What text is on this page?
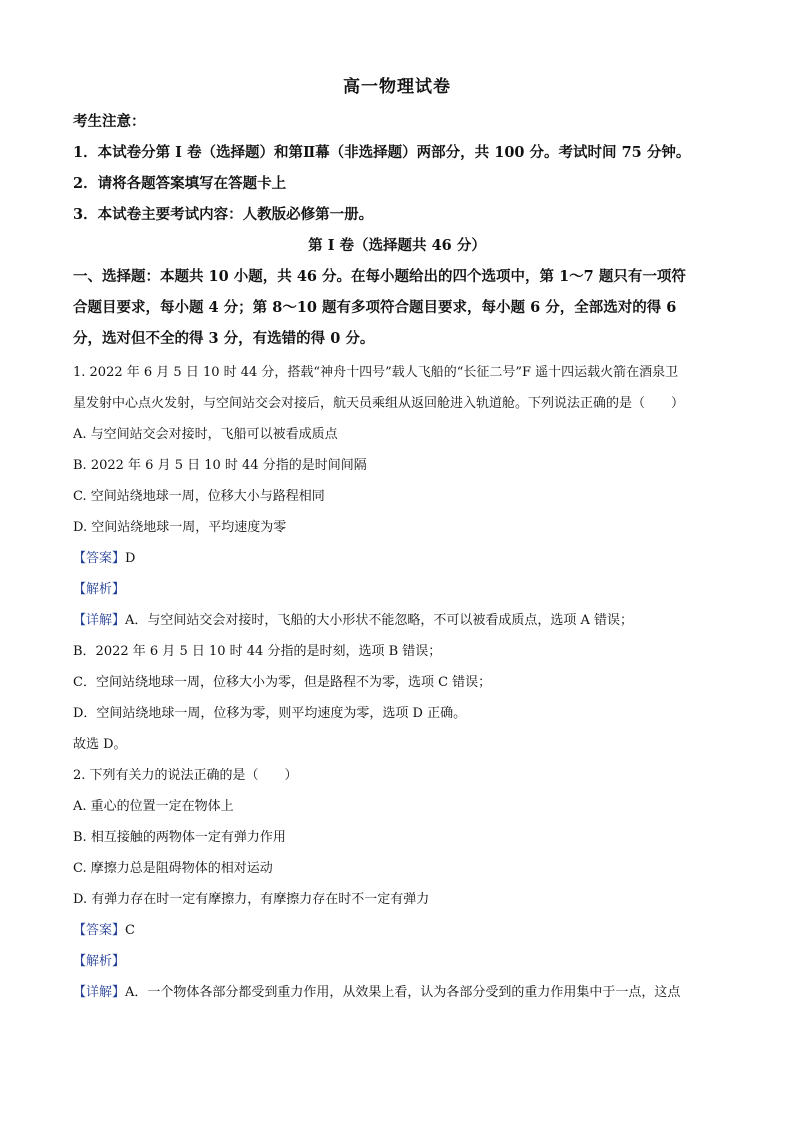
高一物理试卷
考生注意：
1．本试卷分第 I 卷（选择题）和第Ⅱ幕（非选择题）两部分，共 100 分。考试时间 75 分钟。
2．请将各题答案填写在答题卡上
3．本试卷主要考试内容：人教版必修第一册。
第 I 卷（选择题共 46 分）
一、选择题：本题共 10 小题，共 46 分。在每小题给出的四个选项中，第 1～7 题只有一项符
合题目要求，每小题 4 分；第 8～10 题有多项符合题目要求，每小题 6 分，全部选对的得 6
分，选对但不全的得 3 分，有选错的得 0 分。
1. 2022 年 6 月 5 日 10 时 44 分，搭载“神舟十四号”载人飞船的“长征二号”F 遥十四运载火箭在酒泉卫
星发射中心点火发射，与空间站交会对接后，航天员乘组从返回舱进入轨道舱。下列说法正确的是（　　）
A. 与空间站交会对接时，飞船可以被看成质点
B. 2022 年 6 月 5 日 10 时 44 分指的是时间间隔
C. 空间站绕地球一周，位移大小与路程相同
D. 空间站绕地球一周，平均速度为零
【答案】D
【解析】
【详解】A．与空间站交会对接时，飞船的大小形状不能忽略，不可以被看成质点，选项 A 错误；
B．2022 年 6 月 5 日 10 时 44 分指的是时刻，选项 B 错误；
C．空间站绕地球一周，位移大小为零，但是路程不为零，选项 C 错误；
D．空间站绕地球一周，位移为零，则平均速度为零，选项 D 正确。
故选 D。
2. 下列有关力的说法正确的是（　　）
A. 重心的位置一定在物体上
B. 相互接触的两物体一定有弹力作用
C. 摩擦力总是阻碍物体的相对运动
D. 有弹力存在时一定有摩擦力，有摩擦力存在时不一定有弹力
【答案】C
【解析】
【详解】A．一个物体各部分都受到重力作用，从效果上看，认为各部分受到的重力作用集中于一点，这点
